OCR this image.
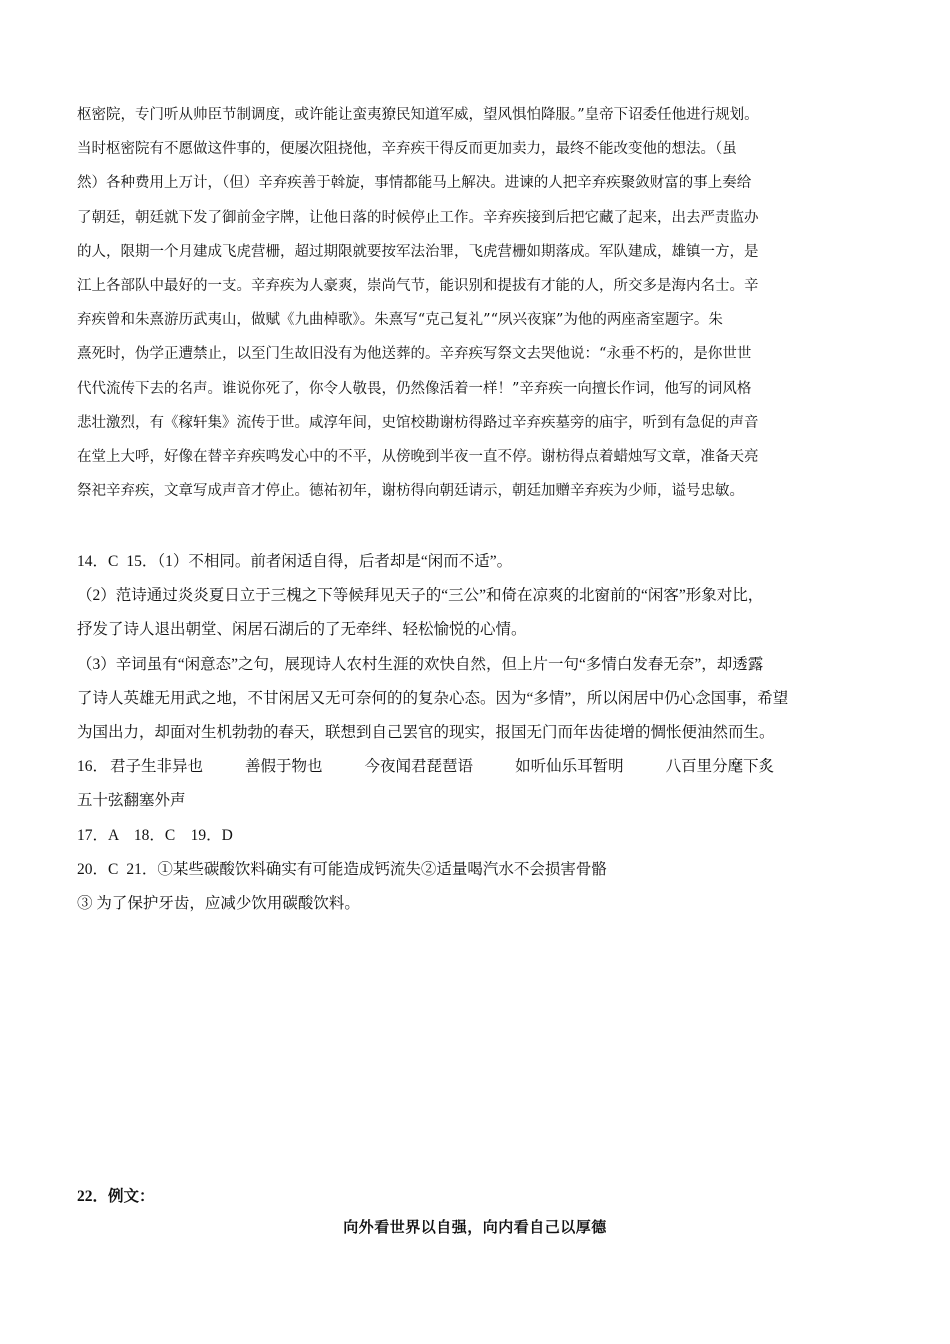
枢密院，专门听从帅臣节制调度，或许能让蛮夷獠民知道军威，望风惧怕降服。”皇帝下诏委任他进行规划。

当时枢密院有不愿做这件事的，便屡次阻挠他，辛弃疾干得反而更加卖力，最终不能改变他的想法。（虽

然）各种费用上万计，（但）辛弃疾善于斡旋，事情都能马上解决。进谏的人把辛弃疾聚敛财富的事上奏给

了朝廷，朝廷就下发了御前金字牌，让他日落的时候停止工作。辛弃疾接到后把它藏了起来，出去严责监办

的人，限期一个月建成飞虎营栅，超过期限就要按军法治罪，飞虎营栅如期落成。军队建成，雄镇一方，是

江上各部队中最好的一支。辛弃疾为人豪爽，崇尚气节，能识别和提拔有才能的人，所交多是海内名士。辛

弃疾曾和朱熹游历武夷山，做赋《九曲棹歌》。朱熹写“克己复礼”“夙兴夜寐”为他的两座斋室题字。朱

熹死时，伪学正遭禁止，以至门生故旧没有为他送葬的。辛弃疾写祭文去哭他说：“永垂不朽的，是你世世

代代流传下去的名声。谁说你死了，你令人敬畏，仍然像活着一样！”辛弃疾一向擅长作词，他写的词风格

悲壮激烈，有《稼轩集》流传于世。咸淳年间，史馆校勘谢枋得路过辛弃疾墓旁的庙宇，听到有急促的声音

在堂上大呼，好像在替辛弃疾鸣发心中的不平，从傍晚到半夜一直不停。谢枋得点着蜡烛写文章，准备天亮

祭祀辛弃疾，文章写成声音才停止。德祐初年，谢枋得向朝廷请示，朝廷加赠辛弃疾为少师，谥号忠敏。

14．C 15．（1）不相同。前者闲适自得，后者却是“闲而不适”。

（2）范诗通过炎炎夏日立于三槐之下等候拜见天子的“三公”和倚在凉爽的北窗前的“闲客”形象对比，

抒发了诗人退出朝堂、闲居石湖后的了无牵绊、轻松愉悦的心情。

（3）辛词虽有“闲意态”之句，展现诗人农村生涯的欢快自然，但上片一句“多情白发春无奈”，却透露

了诗人英雄无用武之地，不甘闲居又无可奈何的的复杂心态。因为“多情”，所以闲居中仍心念国事，希望

为国出力，却面对生机勃勃的春天，联想到自己罢官的现实，报国无门而年齿徒增的惆怅便油然而生。

16． 君子生非异也	善假于物也	今夜闻君琵琶语	如听仙乐耳暂明	八百里分麾下炙

五十弦翻塞外声

17．A　18．C　19．D

20．C 21．①某些碳酸饮料确实有可能造成钙流失②适量喝汽水不会损害骨骼

③ 为了保护牙齿，应减少饮用碳酸饮料。

22．例文：
向外看世界以自强，向内看自己以厚德
